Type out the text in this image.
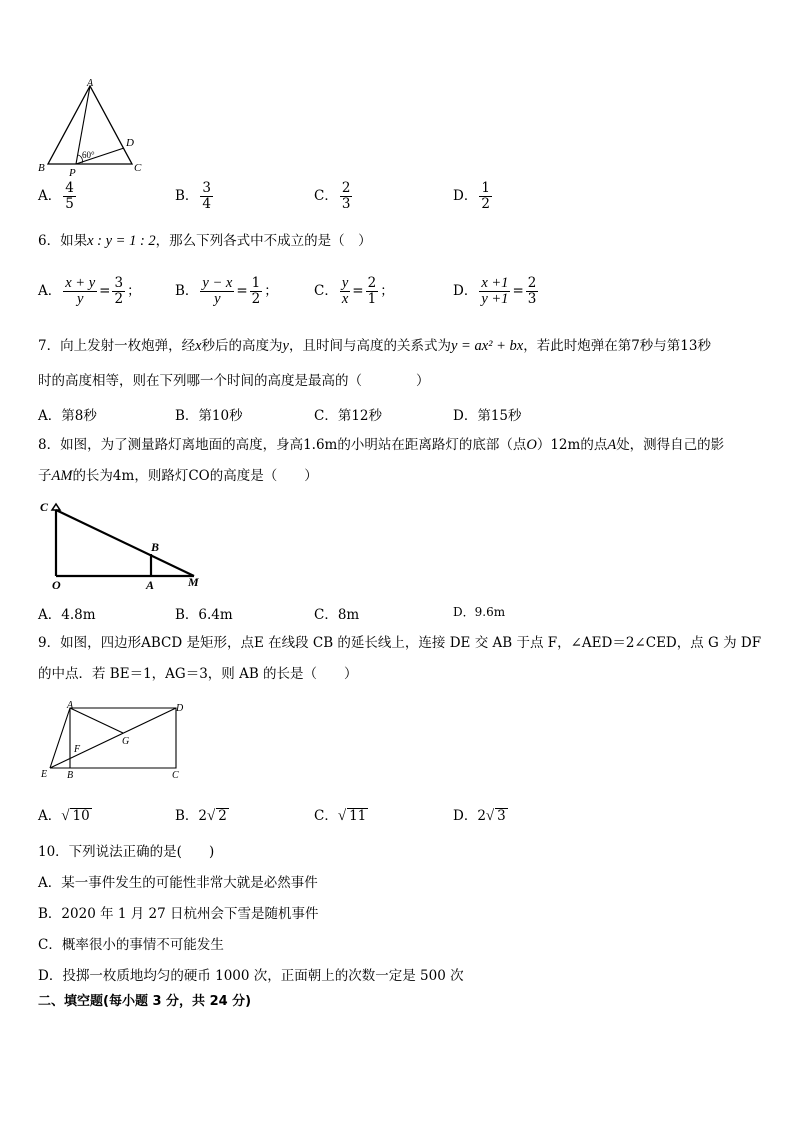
A
B	C
D
P
60°
A． $\frac{4}{5}$	B． $\frac{3}{4}$	C． $\frac{2}{3}$	D． $\frac{1}{2}$
6．如果x : y = 1 : 2，那么下列各式中不成立的是（　）
A． $\frac{x + y}{y} = \frac{3}{2}$ ；	B． $\frac{y - x}{y} = \frac{1}{2}$ ；	C． $\frac{y}{x} = \frac{2}{1}$ ；	D． $\frac{x +1}{y +1} = \frac{2}{3}$
7．向上发射一枚炮弹，经x秒后的高度为y，且时间与高度的关系式为y = ax² + bx，若此时炮弹在第7秒与第13秒
时的高度相等，则在下列哪一个时间的高度是最高的（　　　　）
A．第8秒	B．第10秒	C．第12秒	D．第15秒
8．如图，为了测量路灯离地面的高度，身高1.6m的小明站在距离路灯的底部（点O）12m的点A处，测得自己的影
子AM的长为4m，则路灯CO的高度是（　　）
C
B
O	A	M
A．4.8m	B．6.4m	C．8m	D．9.6m
9．如图，四边形ABCD 是矩形，点E 在线段 CB 的延长线上，连接 DE 交 AB 于点 F，∠AED＝2∠CED，点 G 为 DF
的中点．若 BE＝1，AG＝3，则 AB 的长是（　　）
A	D
F
G
E B	C
A．√ 10	B．2√ 2	C．√ 11	D．2√ 3
10．下列说法正确的是(　　)
A．某一事件发生的可能性非常大就是必然事件
B．2020 年 1 月 27 日杭州会下雪是随机事件
C．概率很小的事情不可能发生
D．投掷一枚质地均匀的硬币 1000 次，正面朝上的次数一定是 500 次
二、填空题(每小题 3 分，共 24 分)
